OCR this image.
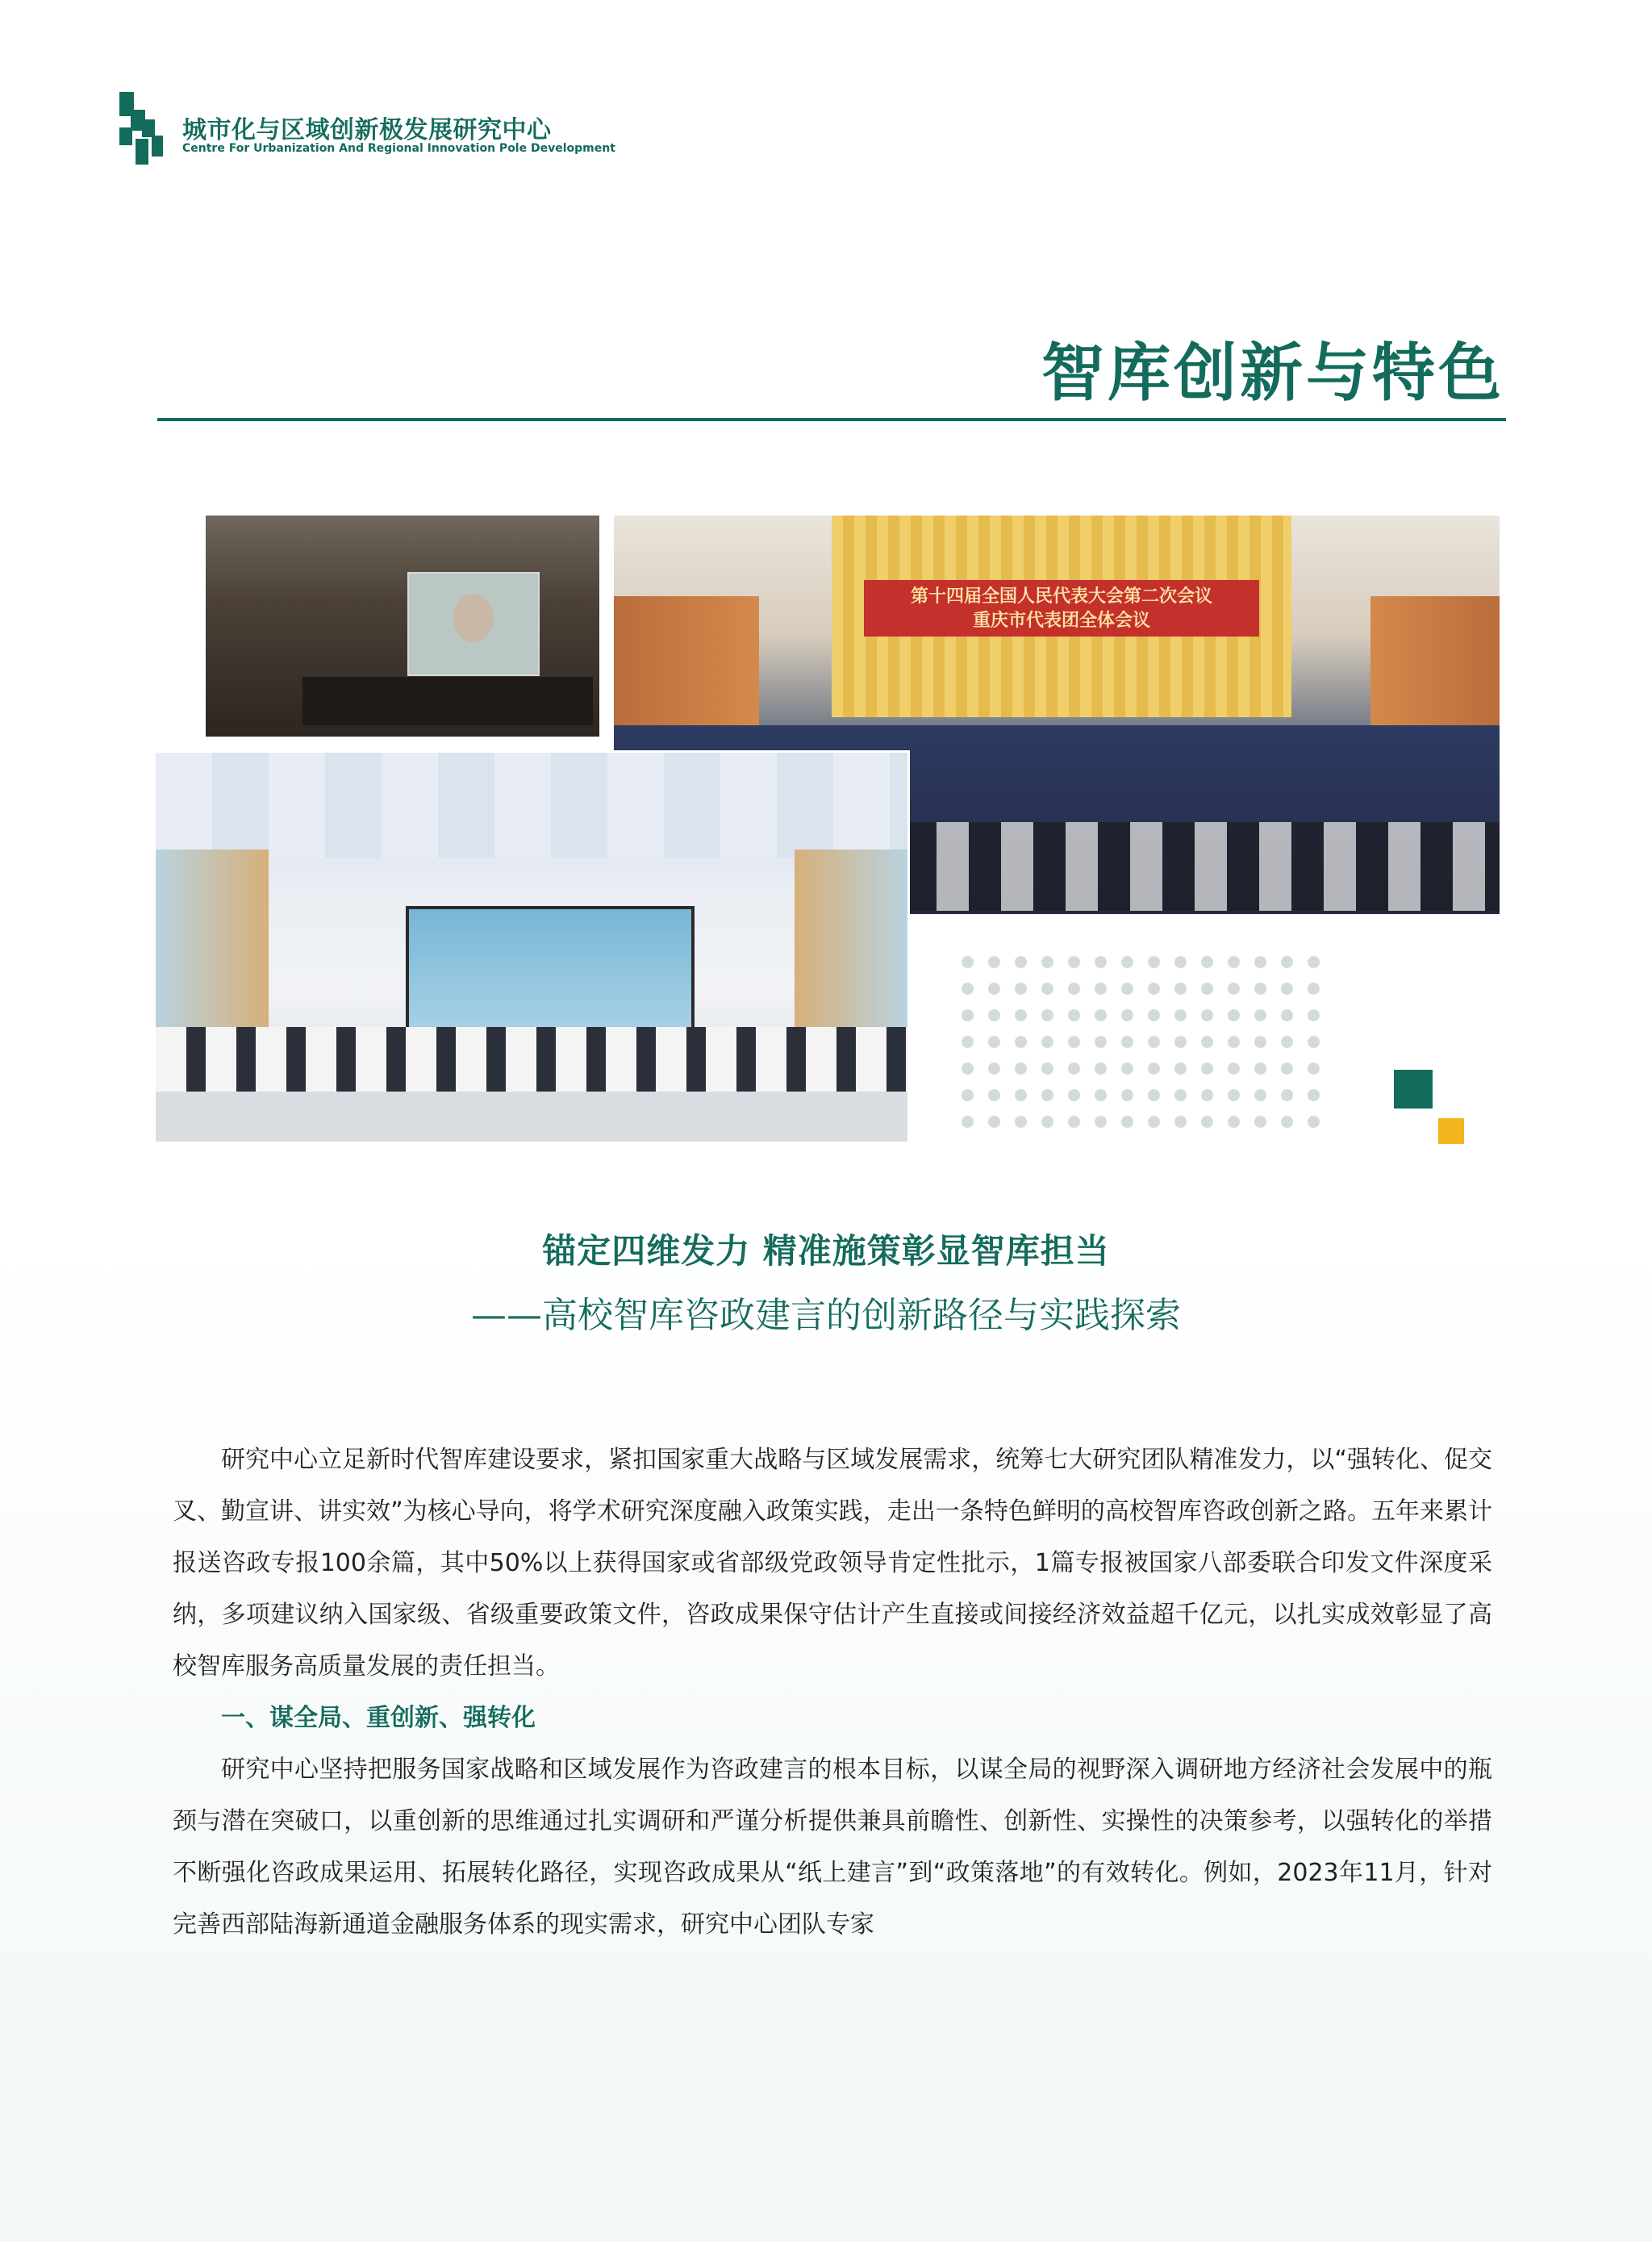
城市化与区域创新极发展研究中心
Centre For Urbanization And Regional Innovation Pole Development
智库创新与特色
第十四届全国人民代表大会第二次会议
重庆市代表团全体会议
锚定四维发力 精准施策彰显智库担当
——高校智库咨政建言的创新路径与实践探索

研究中心立足新时代智库建设要求，紧扣国家重大战略与区域发展需求，统筹七大研究团队精准发力，以“强转化、促交叉、勤宣讲、讲实效”为核心导向，将学术研究深度融入政策实践，走出一条特色鲜明的高校智库咨政创新之路。五年来累计报送咨政专报100余篇，其中50%以上获得国家或省部级党政领导肯定性批示，1篇专报被国家八部委联合印发文件深度采纳，多项建议纳入国家级、省级重要政策文件，咨政成果保守估计产生直接或间接经济效益超千亿元，以扎实成效彰显了高校智库服务高质量发展的责任担当。

一、谋全局、重创新、强转化

研究中心坚持把服务国家战略和区域发展作为咨政建言的根本目标，以谋全局的视野深入调研地方经济社会发展中的瓶颈与潜在突破口，以重创新的思维通过扎实调研和严谨分析提供兼具前瞻性、创新性、实操性的决策参考，以强转化的举措不断强化咨政成果运用、拓展转化路径，实现咨政成果从“纸上建言”到“政策落地”的有效转化。例如，2023年11月，针对完善西部陆海新通道金融服务体系的现实需求，研究中心团队专家
